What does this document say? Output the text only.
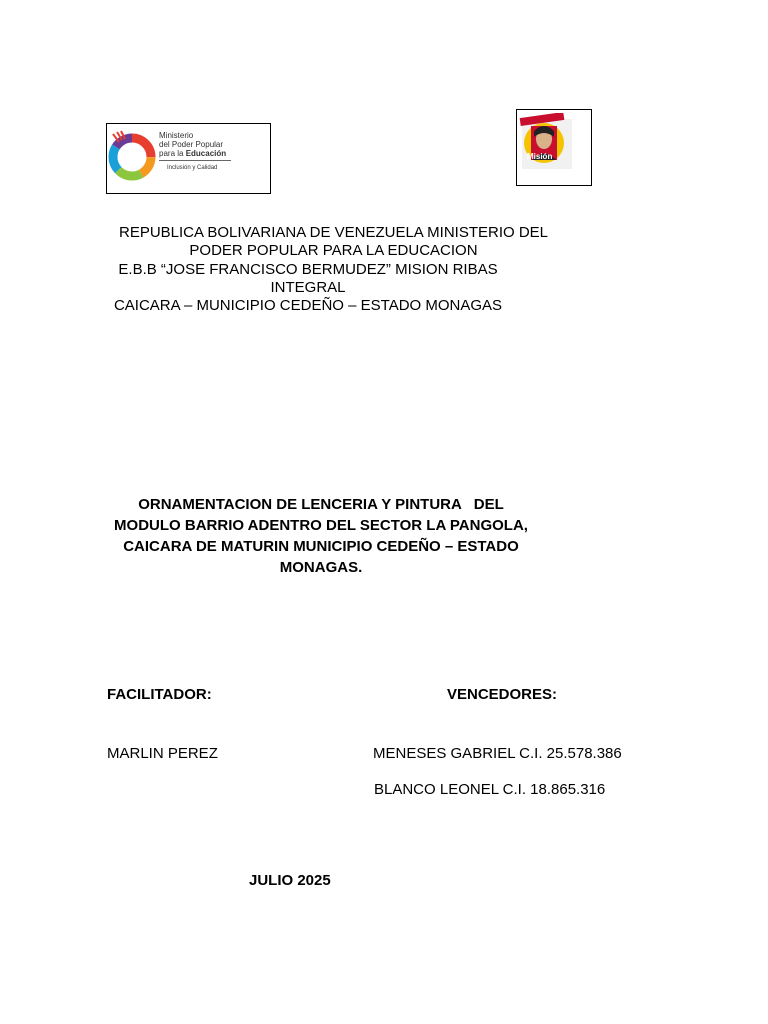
Ministerio
del Poder Popular
para la Educación
Inclusión y Calidad
Misión
REPUBLICA BOLIVARIANA DE VENEZUELA MINISTERIO DEL
PODER POPULAR PARA LA EDUCACION
E.B.B “JOSE FRANCISCO BERMUDEZ” MISION RIBAS
INTEGRAL
CAICARA – MUNICIPIO CEDEÑO – ESTADO MONAGAS
ORNAMENTACION DE LENCERIA Y PINTURA   DEL
MODULO BARRIO ADENTRO DEL SECTOR LA PANGOLA,
CAICARA DE MATURIN MUNICIPIO CEDEÑO – ESTADO
MONAGAS.
FACILITADOR:	VENCEDORES:
MARLIN PEREZ	MENESES GABRIEL C.I. 25.578.386
BLANCO LEONEL C.I. 18.865.316
JULIO 2025
